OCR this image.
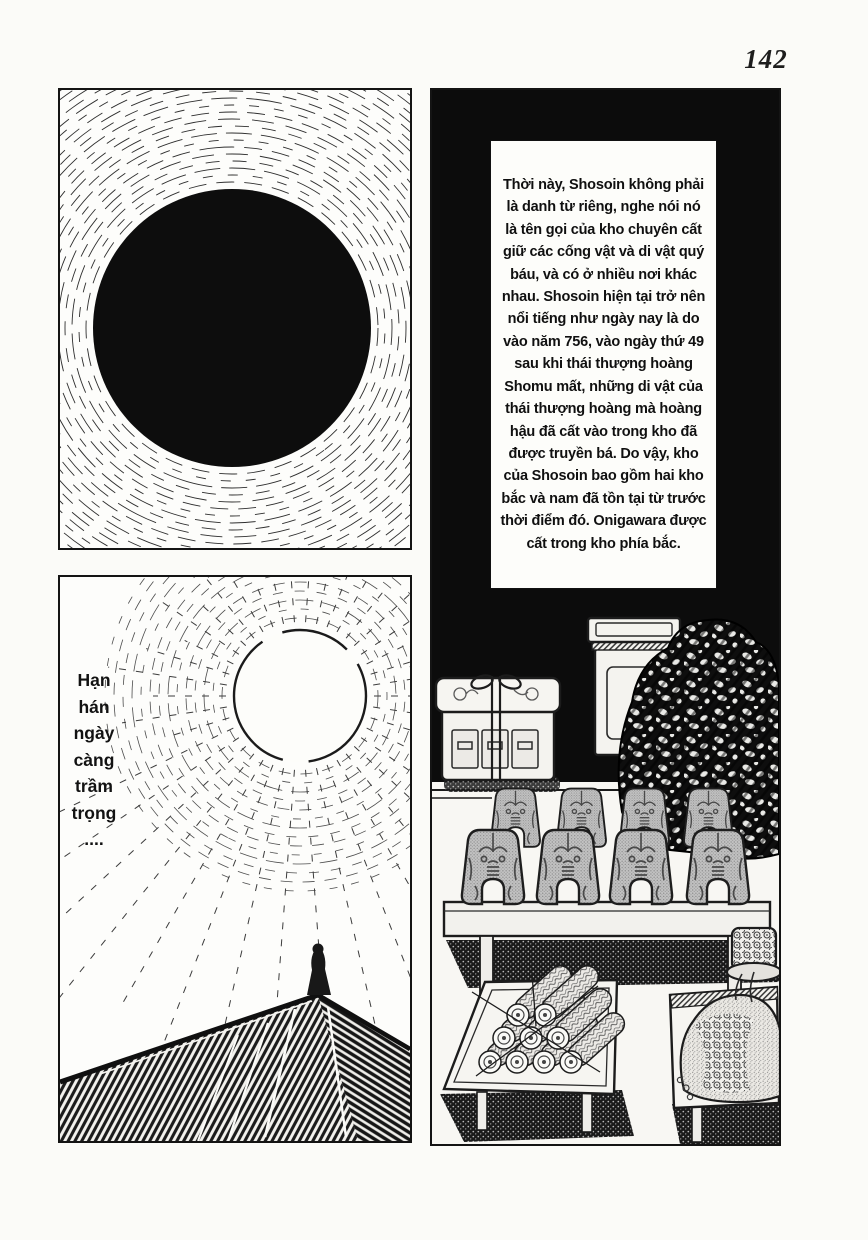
142
Hạn
hán
ngày
càng
trầm
trọng
....

Thời này, Shosoin không phải là danh từ riêng, nghe nói nó là tên gọi của kho chuyên cất giữ các cống vật và di vật quý báu, và có ở nhiều nơi khác nhau. Shosoin hiện tại trở nên nổi tiếng như ngày nay là do vào năm 756, vào ngày thứ 49 sau khi thái thượng hoàng Shomu mất, những di vật của thái thượng hoàng mà hoàng hậu đã cất vào trong kho đã được truyền bá. Do vậy, kho của Shosoin bao gồm hai kho bắc và nam đã tồn tại từ trước thời điểm đó. Onigawara được cất trong kho phía bắc.
